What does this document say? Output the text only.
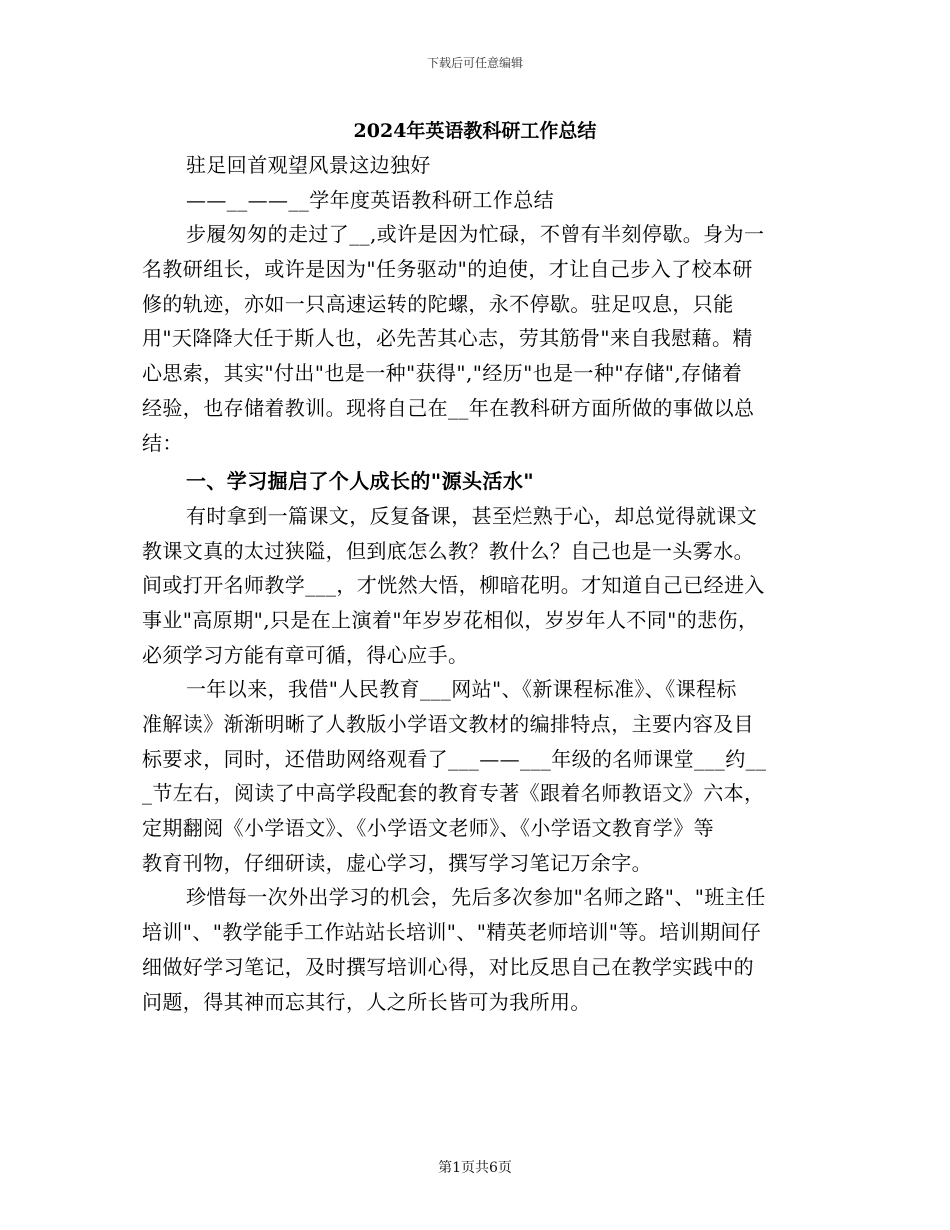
下载后可任意编辑
2024年英语教科研工作总结
驻足回首观望风景这边独好
——__——__学年度英语教科研工作总结
步履匆匆的走过了__,或许是因为忙碌，不曾有半刻停歇。身为一
名教研组长，或许是因为"任务驱动"的迫使，才让自己步入了校本研
修的轨迹，亦如一只高速运转的陀螺，永不停歇。驻足叹息，只能
用"天降降大任于斯人也，必先苦其心志，劳其筋骨"来自我慰藉。精
心思索，其实"付出"也是一种"获得","经历"也是一种"存储",存储着
经验，也存储着教训。现将自己在__年在教科研方面所做的事做以总
结：
一、学习掘启了个人成长的"源头活水"
有时拿到一篇课文，反复备课，甚至烂熟于心，却总觉得就课文
教课文真的太过狭隘，但到底怎么教？教什么？自己也是一头雾水。
间或打开名师教学___，才恍然大悟，柳暗花明。才知道自己已经进入
事业"高原期",只是在上演着"年岁岁花相似，岁岁年人不同"的悲伤，
必须学习方能有章可循，得心应手。
一年以来，我借"人民教育___网站"、《新课程标准》、《课程标
准解读》渐渐明晰了人教版小学语文教材的编排特点，主要内容及目
标要求，同时，还借助网络观看了___——___年级的名师课堂___约__
_节左右，阅读了中高学段配套的教育专著《跟着名师教语文》六本，
定期翻阅《小学语文》、《小学语文老师》、《小学语文教育学》等
教育刊物，仔细研读，虚心学习，撰写学习笔记万余字。
珍惜每一次外出学习的机会，先后多次参加"名师之路"、"班主任
培训"、"教学能手工作站站长培训"、"精英老师培训"等。培训期间仔
细做好学习笔记，及时撰写培训心得，对比反思自己在教学实践中的
问题，得其神而忘其行，人之所长皆可为我所用。
第1页共6页
